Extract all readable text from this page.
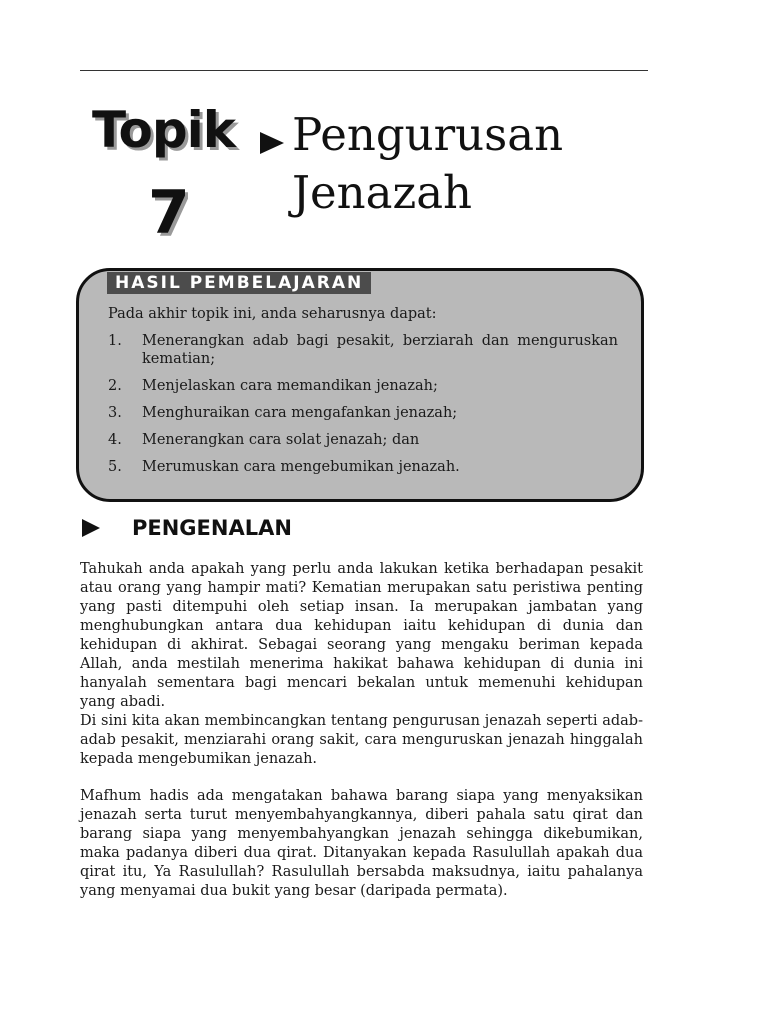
Topik
7
Pengurusan
Jenazah
HASIL PEMBELAJARAN
Pada akhir topik ini, anda seharusnya dapat:
1. Menerangkan adab bagi pesakit, berziarah dan menguruskan kematian;
2. Menjelaskan cara memandikan jenazah;
3. Menghuraikan cara mengafankan jenazah;
4. Menerangkan cara solat jenazah; dan
5. Merumuskan cara mengebumikan jenazah.
PENGENALAN

Tahukah anda apakah yang perlu anda lakukan ketika berhadapan pesakit atau orang yang hampir mati? Kematian merupakan satu peristiwa penting yang pasti ditempuhi oleh setiap insan. Ia merupakan jambatan yang menghubungkan antara dua kehidupan iaitu kehidupan di dunia dan kehidupan di akhirat. Sebagai seorang yang mengaku beriman kepada Allah, anda mestilah menerima hakikat bahawa kehidupan di dunia ini hanyalah sementara bagi mencari bekalan untuk memenuhi kehidupan yang abadi.

Di sini kita akan membincangkan tentang pengurusan jenazah seperti adab-adab pesakit, menziarahi orang sakit, cara menguruskan jenazah hinggalah kepada mengebumikan jenazah.

Mafhum hadis ada mengatakan bahawa barang siapa yang menyaksikan jenazah serta turut menyembahyangkannya, diberi pahala satu qirat dan barang siapa yang menyembahyangkan jenazah sehingga dikebumikan, maka padanya diberi dua qirat. Ditanyakan kepada Rasulullah apakah dua qirat itu, Ya Rasulullah? Rasulullah bersabda maksudnya, iaitu pahalanya yang menyamai dua bukit yang besar (daripada permata).
